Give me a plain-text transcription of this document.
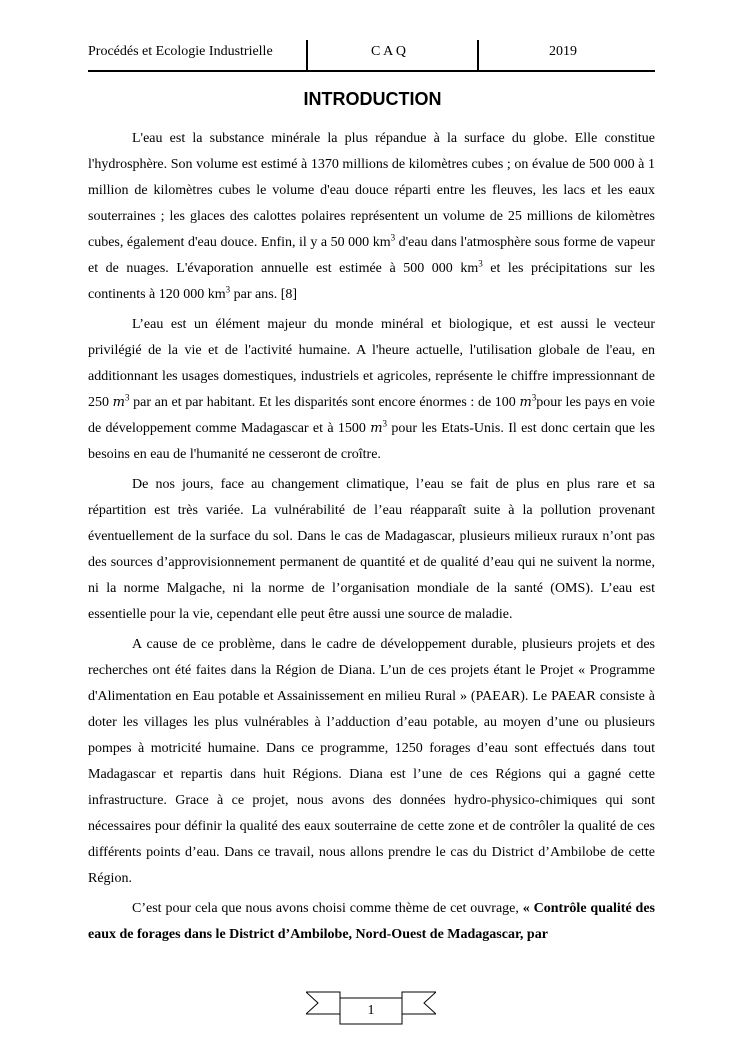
Procédés et Ecologie Industrielle	C A Q	2019
INTRODUCTION

L'eau est la substance minérale la plus répandue à la surface du globe. Elle constitue l'hydrosphère. Son volume est estimé à 1370 millions de kilomètres cubes ; on évalue de 500 000 à 1 million de kilomètres cubes le volume d'eau douce réparti entre les fleuves, les lacs et les eaux souterraines ; les glaces des calottes polaires représentent un volume de 25 millions de kilomètres cubes, également d'eau douce. Enfin, il y a 50 000 $km^3$ d'eau dans l'atmosphère sous forme de vapeur et de nuages. L'évaporation annuelle est estimée à 500 000 $km^3$ et les précipitations sur les continents à 120 000 $km^3$ par ans. [8]

L’eau est un élément majeur du monde minéral et biologique, et est aussi le vecteur privilégié de la vie et de l'activité humaine. A l'heure actuelle, l'utilisation globale de l'eau, en additionnant les usages domestiques, industriels et agricoles, représente le chiffre impressionnant de 250 $m^3$ par an et par habitant. Et les disparités sont encore énormes : de 100 $m^3pour$ les pays en voie de développement comme Madagascar et à 1500 $m^3$ pour les Etats-Unis. Il est donc certain que les besoins en eau de l'humanité ne cesseront de croître.

De nos jours, face au changement climatique, l’eau se fait de plus en plus rare et sa répartition est très variée. La vulnérabilité de l’eau réapparaît suite à la pollution provenant éventuellement de la surface du sol. Dans le cas de Madagascar, plusieurs milieux ruraux n’ont pas des sources d’approvisionnement permanent de quantité et de qualité d’eau qui ne suivent la norme, ni la norme Malgache, ni la norme de l’organisation mondiale de la santé (OMS). L’eau est essentielle pour la vie, cependant elle peut être aussi une source de maladie.

A cause de ce problème, dans le cadre de développement durable, plusieurs projets et des recherches ont été faites dans la Région de Diana. L’un de ces projets étant le Projet « Programme d'Alimentation en Eau potable et Assainissement en milieu Rural » (PAEAR). Le PAEAR consiste à doter les villages les plus vulnérables à l’adduction d’eau potable, au moyen d’une ou plusieurs pompes à motricité humaine. Dans ce programme, 1250 forages d’eau sont effectués dans tout Madagascar et repartis dans huit Régions. Diana est l’une de ces Régions qui a gagné cette infrastructure. Grace à ce projet, nous avons des données hydro-physico-chimiques qui sont nécessaires pour définir la qualité des eaux souterraine de cette zone et de contrôler la qualité de ces différents points d’eau. Dans ce travail, nous allons prendre le cas du District d’Ambilobe de cette Région.

C’est pour cela que nous avons choisi comme thème de cet ouvrage, « Contrôle qualité des eaux de forages dans le District d’Ambilobe, Nord-Ouest de Madagascar, par

1
